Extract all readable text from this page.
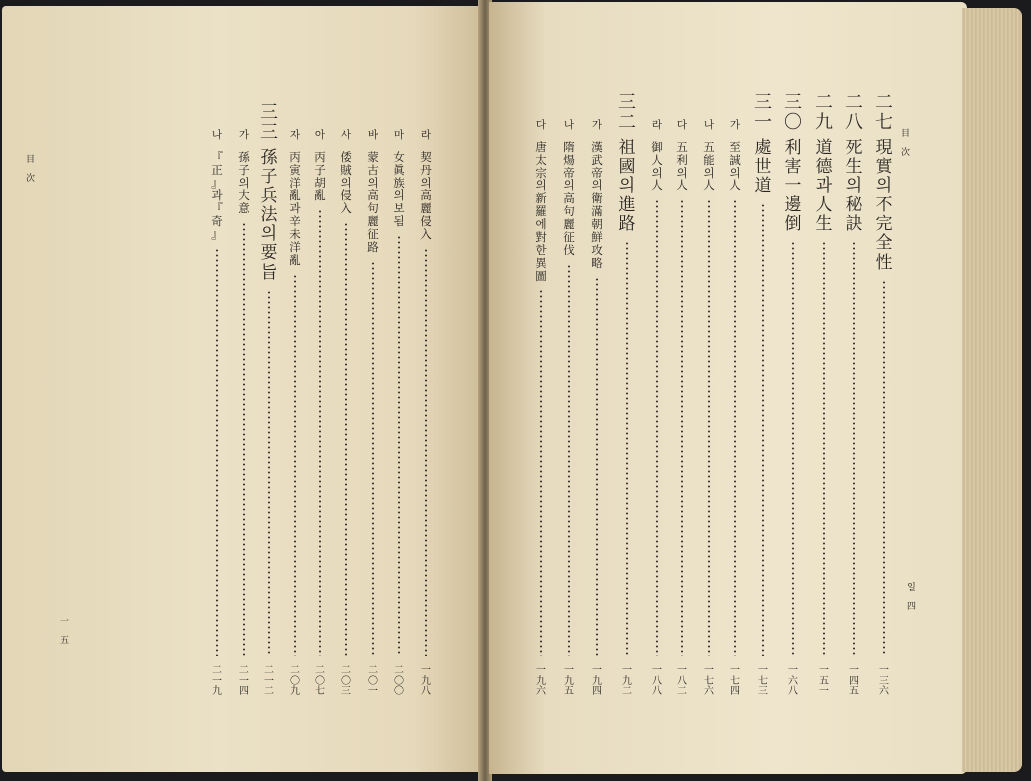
目
次
一
五
라
契
丹
의
高
麗
侵
入
一
九
八
마
女
眞
族
의
보
됨
二
〇
〇
바
蒙
古
의
高
句
麗
征
路
二
〇
一
사
倭
賊
의
侵
入
二
〇
三
아
丙
子
胡
亂
二
〇
七
자
丙
寅
洋
亂
과
辛
未
洋
亂
二
〇
九
三
三
孫
子
兵
法
의
要
旨
二
一
二
가
孫
子
의
大
意
二
一
四
나
『
正
』
과
『
奇
』
二
一
九
目
次
일
四
二
七
現
實
의
不
完
全
性
一
三
六
二
八
死
生
의
秘
訣
一
四
五
二
九
道
德
과
人
生
一
五
一
三
〇
利
害
一
邊
倒
一
六
八
三
一
處
世
道
一
七
三
가
至
誠
의
人
一
七
四
나
五
能
의
人
一
七
六
다
五
利
의
人
一
八
二
라
御
人
의
人
一
八
八
三
二
祖
國
의
進
路
一
九
二
가
漢
武
帝
의
衛
滿
朝
鮮
攻
略
一
九
四
나
隋
煬
帝
의
高
句
麗
征
伐
一
九
五
다
唐
太
宗
의
新
羅
에
對
한
異
圖
一
九
六
